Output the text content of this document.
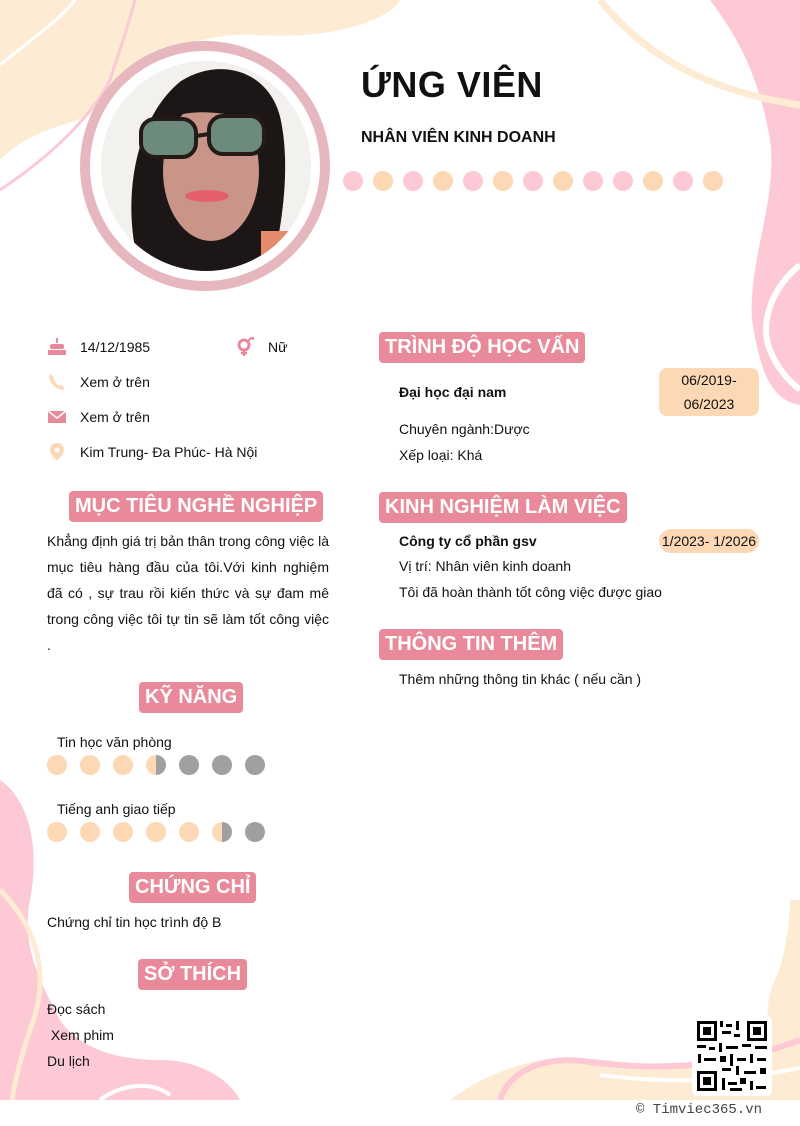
ỨNG VIÊN
NHÂN VIÊN KINH DOANH
14/12/1985	Nữ
Xem ở trên
Xem ở trên
Kim Trung- Đa Phúc- Hà Nội
MỤC TIÊU NGHỀ NGHIỆP
Khẳng định giá trị bản thân trong công việc là mục tiêu hàng đầu của tôi.Với kinh nghiệm đã có , sự trau rồi kiến thức và sự đam mê trong công việc tôi tự tin sẽ làm tốt công việc .
KỸ NĂNG
Tin học văn phòng
Tiếng anh giao tiếp
CHỨNG CHỈ
Chứng chỉ tin học trình độ B
SỞ THÍCH
Đọc sách
Xem phim
Du lịch
TRÌNH ĐỘ HỌC VẤN
Đại học đại nam
06/2019-
06/2023
Chuyên ngành:Dược
Xếp loại: Khá
KINH NGHIỆM LÀM VIỆC
Công ty cổ phần gsv	1/2023- 1/2026
Vị trí: Nhân viên kinh doanh
Tôi đã hoàn thành tốt công việc được giao
THÔNG TIN THÊM
Thêm những thông tin khác ( nếu cần )
© Timviec365.vn
